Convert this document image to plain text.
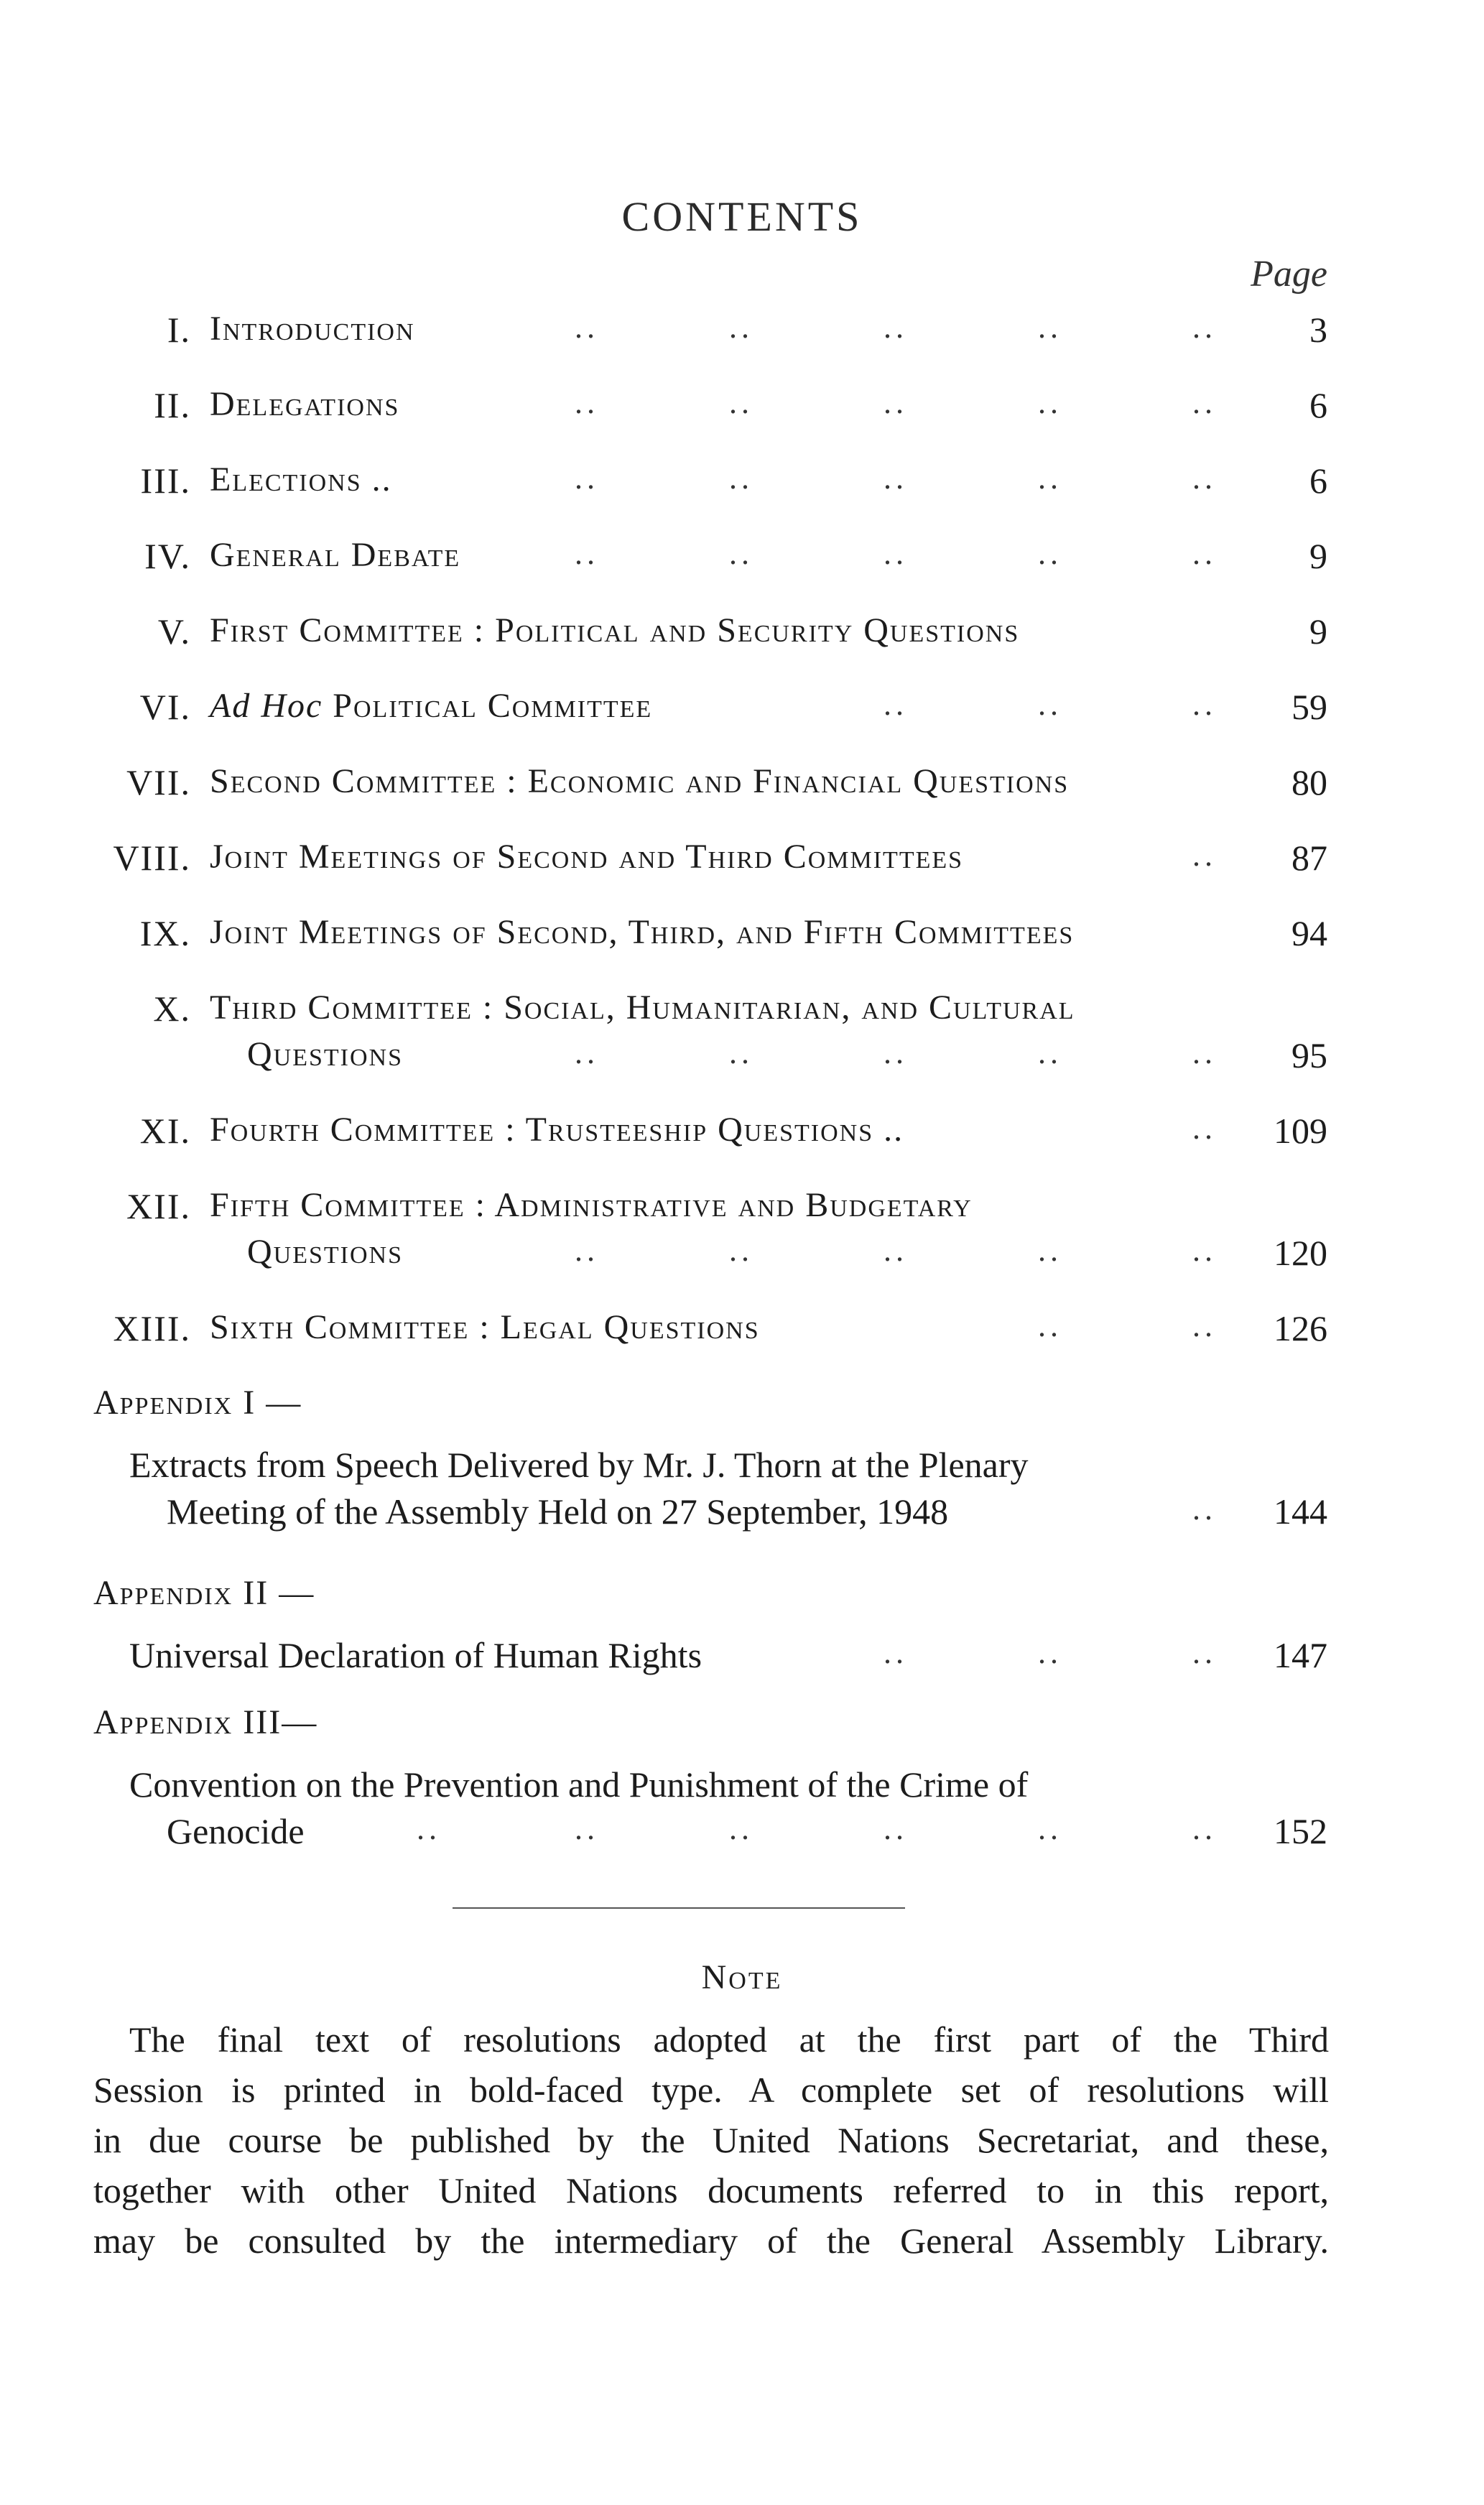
CONTENTS
Page
I. Introduction	..	..	..	..	..	3
II. Delegations	..	..	..	..	..	6
III. Elections ..	..	..	..	..	..	6
IV. General Debate	..	..	..	..	..	9
V. First Committee : Political and Security Questions	9
VI. Ad Hoc Political Committee	..	..	.. 59
VII. Second Committee : Economic and Financial Questions	80
VIII. Joint Meetings of Second and Third Committees	.. 87
IX. Joint Meetings of Second, Third, and Fifth Committees	94
X. Third Committee : Social, Humanitarian, and Cultural
Questions	..	..	..	..	.. 95
XI. Fourth Committee : Trusteeship Questions ..	.. 109
XII. Fifth Committee : Administrative and Budgetary
Questions	..	..	..	..	.. 120
XIII. Sixth Committee : Legal Questions	..	.. 126
Appendix I —
Extracts from Speech Delivered by Mr. J. Thorn at the Plenary
Meeting of the Assembly Held on 27 September, 1948	.. 144
Appendix II —
Universal Declaration of Human Rights	..	..	.. 147
Appendix III—
Convention on the Prevention and Punishment of the Crime of
Genocide	..	..	..	..	..	.. 152
Note
The final text of resolutions adopted at the first part of the Third
Session is printed in bold-faced type. A complete set of resolutions will
in due course be published by the United Nations Secretariat, and these,
together with other United Nations documents referred to in this report,
may be consulted by the intermediary of the General Assembly Library.
